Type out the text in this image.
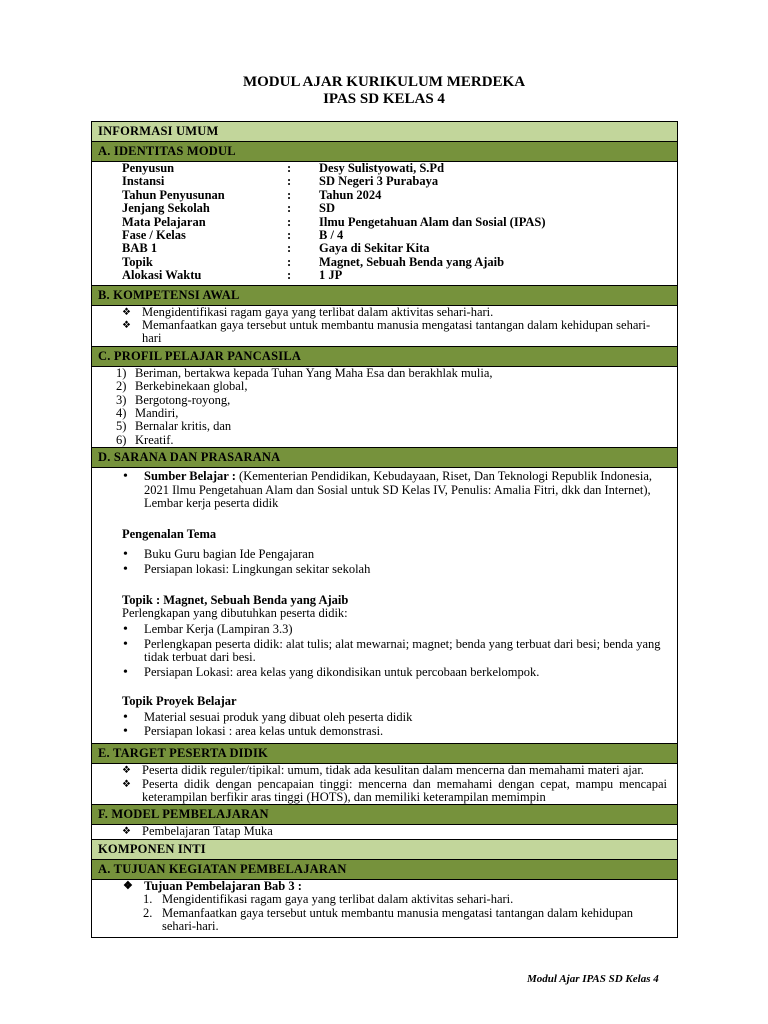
MODUL AJAR KURIKULUM MERDEKA
IPAS SD KELAS 4
INFORMASI UMUM
A. IDENTITAS MODUL
Penyusun	:	Desy Sulistyowati, S.Pd
Instansi	:	SD Negeri 3 Purabaya
Tahun Penyusunan	:	Tahun 2024
Jenjang Sekolah	:	SD
Mata Pelajaran	:	Ilmu Pengetahuan Alam dan Sosial (IPAS)
Fase / Kelas	:	B / 4
BAB 1	:	Gaya di Sekitar Kita
Topik	:	Magnet, Sebuah Benda yang Ajaib
Alokasi Waktu	:	1 JP
B. KOMPETENSI AWAL
❖ Mengidentifikasi ragam gaya yang terlibat dalam aktivitas sehari-hari.
❖ Memanfaatkan gaya tersebut untuk membantu manusia mengatasi tantangan dalam kehidupan sehari-hari
C. PROFIL PELAJAR PANCASILA
1) Beriman, bertakwa kepada Tuhan Yang Maha Esa dan berakhlak mulia,
2) Berkebinekaan global,
3) Bergotong-royong,
4) Mandiri,
5) Bernalar kritis, dan
6) Kreatif.
D. SARANA DAN PRASARANA
• Sumber Belajar : (Kementerian Pendidikan, Kebudayaan, Riset, Dan Teknologi Republik Indonesia, 2021 Ilmu Pengetahuan Alam dan Sosial untuk SD Kelas IV, Penulis: Amalia Fitri, dkk dan Internet), Lembar kerja peserta didik
Pengenalan Tema
• Buku Guru bagian Ide Pengajaran
• Persiapan lokasi: Lingkungan sekitar sekolah
Topik : Magnet, Sebuah Benda yang Ajaib
Perlengkapan yang dibutuhkan peserta didik:
• Lembar Kerja (Lampiran 3.3)
• Perlengkapan peserta didik: alat tulis; alat mewarnai; magnet; benda yang terbuat dari besi; benda yang tidak terbuat dari besi.
• Persiapan Lokasi: area kelas yang dikondisikan untuk percobaan berkelompok.
Topik Proyek Belajar
• Material sesuai produk yang dibuat oleh peserta didik
• Persiapan lokasi : area kelas untuk demonstrasi.
E. TARGET PESERTA DIDIK
❖ Peserta didik reguler/tipikal: umum, tidak ada kesulitan dalam mencerna dan memahami materi ajar.
❖ Peserta didik dengan pencapaian tinggi: mencerna dan memahami dengan cepat, mampu mencapai keterampilan berfikir aras tinggi (HOTS), dan memiliki keterampilan memimpin
F. MODEL PEMBELAJARAN
❖ Pembelajaran Tatap Muka
KOMPONEN INTI
A. TUJUAN KEGIATAN PEMBELAJARAN
❖ Tujuan Pembelajaran Bab 3 :
1. Mengidentifikasi ragam gaya yang terlibat dalam aktivitas sehari-hari.
2. Memanfaatkan gaya tersebut untuk membantu manusia mengatasi tantangan dalam kehidupan sehari-hari.
Modul Ajar IPAS SD Kelas 4
